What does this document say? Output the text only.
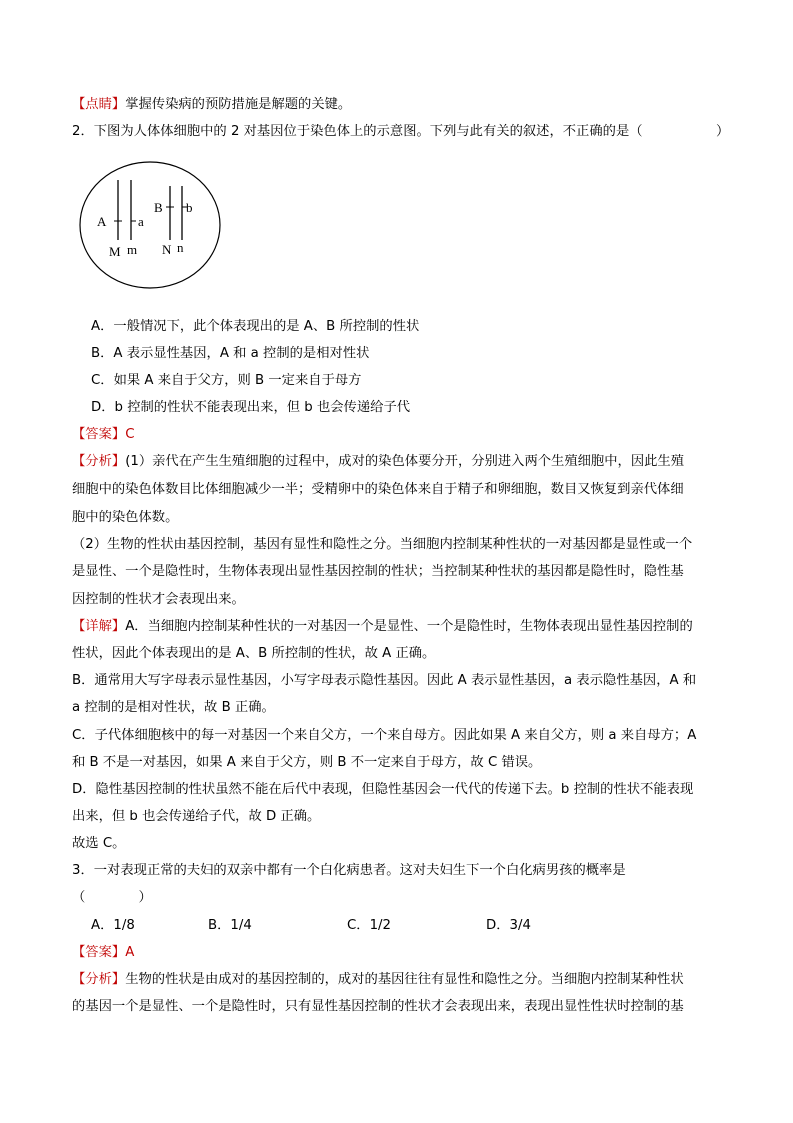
【点睛】掌握传染病的预防措施是解题的关键。
2．下图为人体体细胞中的 2 对基因位于染色体上的示意图。下列与此有关的叙述，不正确的是（	）
A a
B b
M m N n
A．一般情况下，此个体表现出的是 A、B 所控制的性状
B．A 表示显性基因，A 和 a 控制的是相对性状
C．如果 A 来自于父方，则 B 一定来自于母方
D．b 控制的性状不能表现出来，但 b 也会传递给子代
【答案】C
【分析】(1）亲代在产生生殖细胞的过程中，成对的染色体要分开，分别进入两个生殖细胞中，因此生殖
细胞中的染色体数目比体细胞减少一半；受精卵中的染色体来自于精子和卵细胞，数目又恢复到亲代体细
胞中的染色体数。
（2）生物的性状由基因控制，基因有显性和隐性之分。当细胞内控制某种性状的一对基因都是显性或一个
是显性、一个是隐性时，生物体表现出显性基因控制的性状；当控制某种性状的基因都是隐性时，隐性基
因控制的性状才会表现出来。
【详解】A．当细胞内控制某种性状的一对基因一个是显性、一个是隐性时，生物体表现出显性基因控制的
性状，因此个体表现出的是 A、B 所控制的性状，故 A 正确。
B．通常用大写字母表示显性基因，小写字母表示隐性基因。因此 A 表示显性基因，a 表示隐性基因，A 和
a 控制的是相对性状，故 B 正确。
C．子代体细胞核中的每一对基因一个来自父方，一个来自母方。因此如果 A 来自父方，则 a 来自母方；A
和 B 不是一对基因，如果 A 来自于父方，则 B 不一定来自于母方，故 C 错误。
D．隐性基因控制的性状虽然不能在后代中表现，但隐性基因会一代代的传递下去。b 控制的性状不能表现
出来，但 b 也会传递给子代，故 D 正确。
故选 C。
3．一对表现正常的夫妇的双亲中都有一个白化病患者。这对夫妇生下一个白化病男孩的概率是
（　　　　）
A．1/8	B．1/4	C．1/2	D．3/4
【答案】A
【分析】生物的性状是由成对的基因控制的，成对的基因往往有显性和隐性之分。当细胞内控制某种性状
的基因一个是显性、一个是隐性时，只有显性基因控制的性状才会表现出来，表现出显性性状时控制的基
